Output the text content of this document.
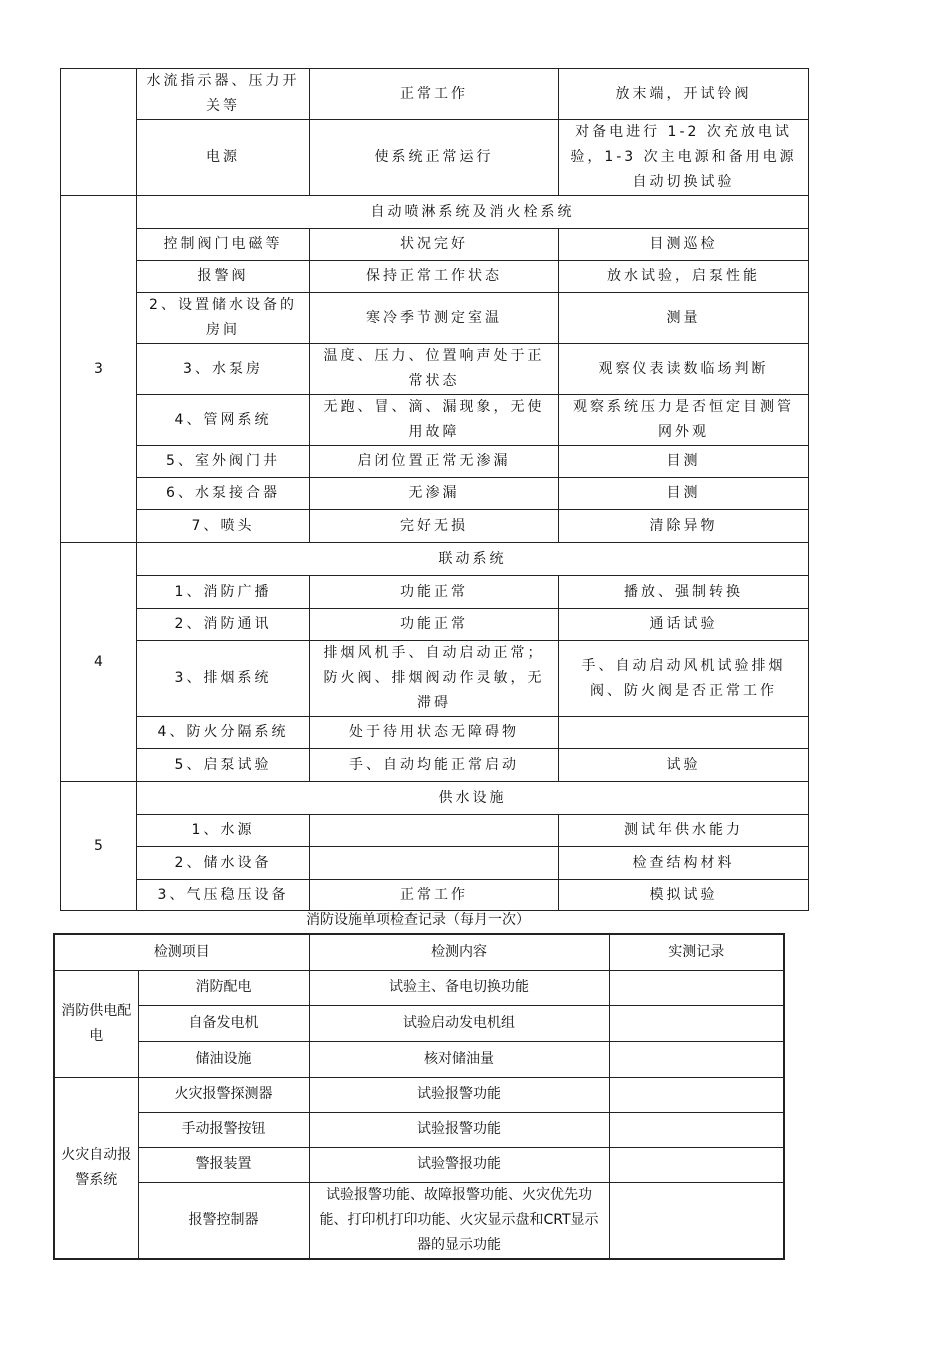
	水流指示器、压力开关等	正常工作	放末端，开试铃阀
	电源	使系统正常运行	对备电进行 1-2 次充放电试验，1-3 次主电源和备用电源自动切换试验
3	自动喷淋系统及消火栓系统		
	控制阀门电磁等	状况完好	目测巡检
	报警阀	保持正常工作状态	放水试验，启泵性能
	2、设置储水设备的房间	寒冷季节测定室温	测量
	3、水泵房	温度、压力、位置响声处于正常状态	观察仪表读数临场判断
	4、管网系统	无跑、冒、滴、漏现象，无使用故障	观察系统压力是否恒定目测管网外观
	5、室外阀门井	启闭位置正常无渗漏	目测
	6、水泵接合器	无渗漏	目测
	7、喷头	完好无损	清除异物
4	联动系统		
	1、消防广播	功能正常	播放、强制转换
	2、消防通讯	功能正常	通话试验
	3、排烟系统	排烟风机手、自动启动正常；防火阀、排烟阀动作灵敏，无滞碍	手、自动启动风机试验排烟阀、防火阀是否正常工作
	4、防火分隔系统	处于待用状态无障碍物	
	5、启泵试验	手、自动均能正常启动	试验
5	供水设施		
	1、水源		测试年供水能力
	2、储水设备		检查结构材料
	3、气压稳压设备	正常工作	模拟试验
消防设施单项检查记录（每月一次）
检测项目		检测内容	实测记录
消防供电配电	消防配电	试验主、备电切换功能	
	自备发电机	试验启动发电机组	
	储油设施	核对储油量	
火灾自动报警系统	火灾报警探测器	试验报警功能	
	手动报警按钮	试验报警功能	
	警报装置	试验警报功能	
	报警控制器	试验报警功能、故障报警功能、火灾优先功能、打印机打印功能、火灾显示盘和CRT显示器的显示功能	
